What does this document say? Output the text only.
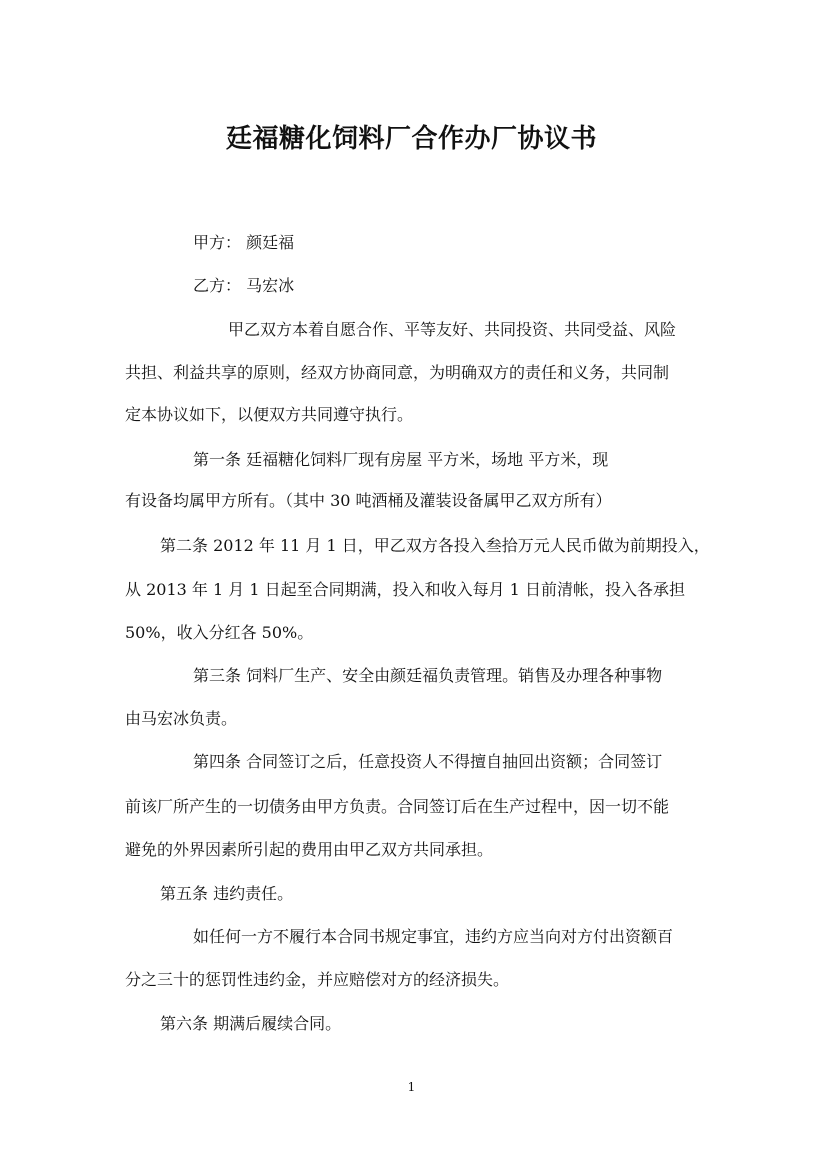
廷福糖化饲料厂合作办厂协议书
甲方： 颜廷福
乙方： 马宏冰
甲乙双方本着自愿合作、平等友好、共同投资、共同受益、风险
共担、利益共享的原则，经双方协商同意，为明确双方的责任和义务，共同制
定本协议如下，以便双方共同遵守执行。
第一条 廷福糖化饲料厂现有房屋 平方米，场地 平方米，现
有设备均属甲方所有。（其中 30 吨酒桶及灌装设备属甲乙双方所有）
第二条 2012 年 11 月 1 日，甲乙双方各投入叁拾万元人民币做为前期投入，
从 2013 年 1 月 1 日起至合同期满，投入和收入每月 1 日前清帐，投入各承担
50%，收入分红各 50%。
第三条 饲料厂生产、安全由颜廷福负责管理。销售及办理各种事物
由马宏冰负责。
第四条 合同签订之后，任意投资人不得擅自抽回出资额；合同签订
前该厂所产生的一切债务由甲方负责。合同签订后在生产过程中，因一切不能
避免的外界因素所引起的费用由甲乙双方共同承担。
第五条 违约责任。
如任何一方不履行本合同书规定事宜，违约方应当向对方付出资额百
分之三十的惩罚性违约金，并应赔偿对方的经济损失。
第六条 期满后履续合同。
1
